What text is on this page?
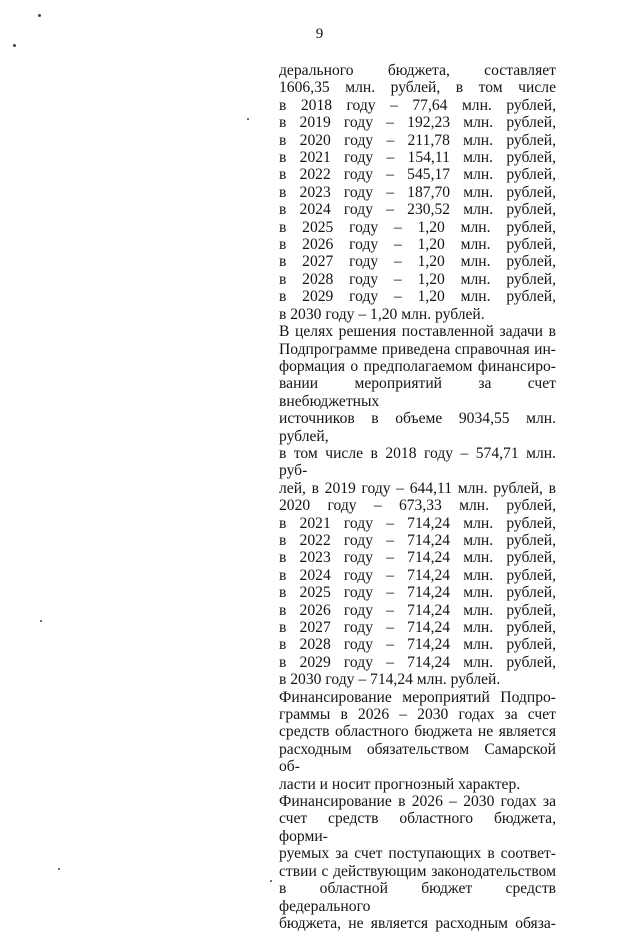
9
дерального бюджета, составляет
1606,35 млн. рублей, в том числе
в 2018 году – 77,64 млн. рублей,
в 2019 году – 192,23 млн. рублей,
в 2020 году – 211,78 млн. рублей,
в 2021 году – 154,11 млн. рублей,
в 2022 году – 545,17 млн. рублей,
в 2023 году – 187,70 млн. рублей,
в 2024 году – 230,52 млн. рублей,
в 2025 году – 1,20 млн. рублей,
в 2026 году – 1,20 млн. рублей,
в 2027 году – 1,20 млн. рублей,
в 2028 году – 1,20 млн. рублей,
в 2029 году – 1,20 млн. рублей,
в 2030 году – 1,20 млн. рублей.
В целях решения поставленной задачи в
Подпрограмме приведена справочная ин-
формация о предполагаемом финансиро-
вании мероприятий за счет внебюджетных
источников в объеме 9034,55 млн. рублей,
в том числе в 2018 году – 574,71 млн. руб-
лей, в 2019 году – 644,11 млн. рублей, в
2020 году – 673,33 млн. рублей,
в 2021 году – 714,24 млн. рублей,
в 2022 году – 714,24 млн. рублей,
в 2023 году – 714,24 млн. рублей,
в 2024 году – 714,24 млн. рублей,
в 2025 году – 714,24 млн. рублей,
в 2026 году – 714,24 млн. рублей,
в 2027 году – 714,24 млн. рублей,
в 2028 году – 714,24 млн. рублей,
в 2029 году – 714,24 млн. рублей,
в 2030 году – 714,24 млн. рублей.
Финансирование мероприятий Подпро-
граммы в 2026 – 2030 годах за счет
средств областного бюджета не является
расходным обязательством Самарской об-
ласти и носит прогнозный характер.
Финансирование в 2026 – 2030 годах за
счет средств областного бюджета, форми-
руемых за счет поступающих в соответ-
ствии с действующим законодательством
в областной бюджет средств федерального
бюджета, не является расходным обяза-
